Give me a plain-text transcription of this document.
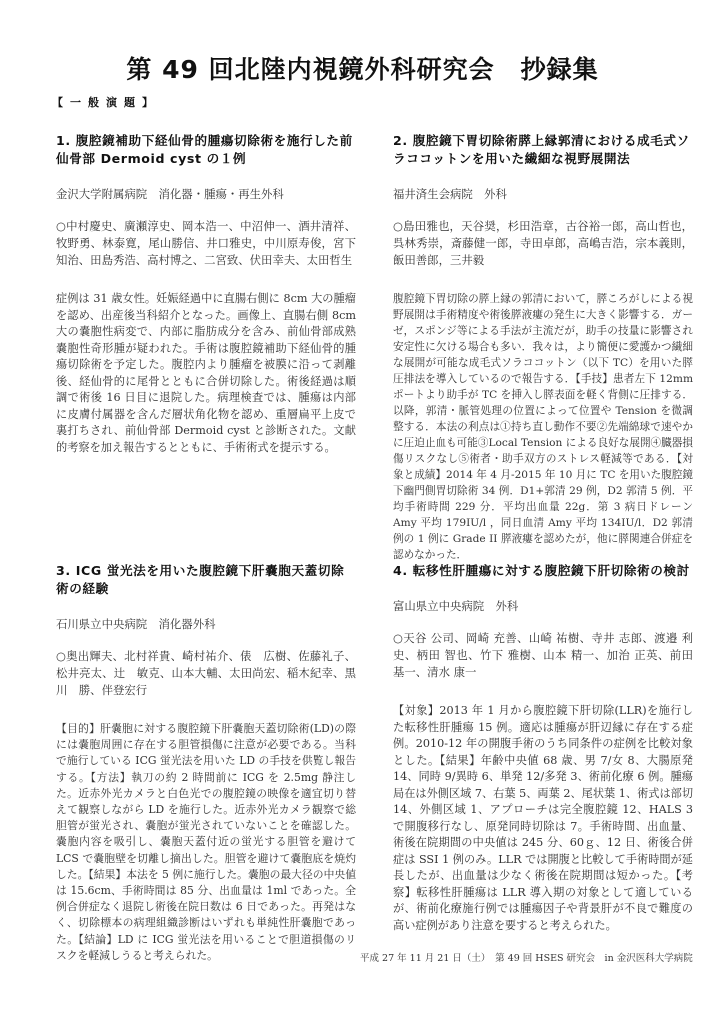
第 49 回北陸内視鏡外科研究会　抄録集
【一般演題】
1. 腹腔鏡補助下経仙骨的腫瘍切除術を施行した前仙骨部 Dermoid cyst の１例
金沢大学附属病院　消化器・腫瘍・再生外科
○中村慶史、廣瀬淳史、岡本浩一、中沼伸一、酒井清祥、牧野勇、林泰寛，尾山勝信、井口雅史，中川原寿俊，宮下知治、田島秀浩、高村博之、二宮致、伏田幸夫、太田哲生
症例は 31 歳女性。妊娠経過中に直腸右側に 8cm 大の腫瘤を認め、出産後当科紹介となった。画像上、直腸右側 8cm 大の嚢胞性病変で、内部に脂肪成分を含み、前仙骨部成熟嚢胞性奇形腫が疑われた。手術は腹腔鏡補助下経仙骨的腫瘍切除術を予定した。腹腔内より腫瘤を被膜に沿って剥離後、経仙骨的に尾骨とともに合併切除した。術後経過は順調で術後 16 日目に退院した。病理検査では、腫瘍は内部に皮膚付属器を含んだ層状角化物を認め、重層扁平上皮で裏打ちされ、前仙骨部 Dermoid cyst と診断された。文献的考察を加え報告するとともに、手術術式を提示する。
2. 腹腔鏡下胃切除術膵上縁郭清における成毛式ソラココットンを用いた繊細な視野展開法
福井済生会病院　外科
○島田雅也，天谷奨，杉田浩章，古谷裕一郎，高山哲也，呉林秀崇，斎藤健一郎，寺田卓郎，高嶋吉浩，宗本義則，飯田善郎，三井毅
腹腔鏡下胃切除の膵上縁の郭清において，膵ころがしによる視野展開は手術精度や術後膵液瘻の発生に大きく影響する．ガーゼ，スポンジ等による手法が主流だが，助手の技量に影響され安定性に欠ける場合も多い．我々は，より簡便に愛護かつ繊細な展開が可能な成毛式ソラココットン（以下 TC）を用いた膵圧排法を導入しているので報告する．【手技】患者左下 12mm ポートより助手が TC を挿入し膵表面を軽く背側に圧排する．以降，郭清・脈管処理の位置によって位置や Tension を微調整する．本法の利点は①持ち直し動作不要②先端綿球で速やかに圧迫止血も可能③Local Tension による良好な展開④臓器損傷リスクなし⑤術者・助手双方のストレス軽減等である．【対象と成績】2014 年 4 月-2015 年 10 月に TC を用いた腹腔鏡下幽門側胃切除術 34 例．D1+郭清 29 例，D2 郭清 5 例．平均手術時間 229 分．平均出血量 22g．第 3 病日ドレーン Amy 平均 179IU/l ，同日血清 Amy 平均 134IU/l．D2 郭清例の 1 例に Grade II 膵液瘻を認めたが，他に膵関連合併症を認めなかった．
3. ICG 蛍光法を用いた腹腔鏡下肝嚢胞天蓋切除術の経験
石川県立中央病院　消化器外科
○奥出輝夫、北村祥貴、崎村祐介、俵　広樹、佐藤礼子、松井亮太、辻　敏克、山本大輔、太田尚宏、稲木紀幸、黒川　勝、伴登宏行
【目的】肝嚢胞に対する腹腔鏡下肝嚢胞天蓋切除術(LD)の際には嚢胞周囲に存在する胆管損傷に注意が必要である。当科で施行している ICG 蛍光法を用いた LD の手技を供覧し報告する。【方法】執刀の約 2 時間前に ICG を 2.5mg 静注した。近赤外光カメラと白色光での腹腔鏡の映像を適宜切り替えて観察しながら LD を施行した。近赤外光カメラ観察で総胆管が蛍光され、嚢胞が蛍光されていないことを確認した。嚢胞内容を吸引し、嚢胞天蓋付近の蛍光する胆管を避けて LCS で嚢胞壁を切離し摘出した。胆管を避けて嚢胞底を焼灼した。【結果】本法を 5 例に施行した。嚢胞の最大径の中央値は 15.6cm、手術時間は 85 分、出血量は 1ml であった。全例合併症なく退院し術後在院日数は 6 日であった。再発はなく、切除標本の病理組織診断はいずれも単純性肝嚢胞であった。【結論】LD に ICG 蛍光法を用いることで胆道損傷のリスクを軽減しうると考えられた。
4. 転移性肝腫瘍に対する腹腔鏡下肝切除術の検討
富山県立中央病院　外科
○天谷 公司、岡崎 充善、山崎 祐樹、寺井 志郎、渡邉 利史、柄田 智也、竹下 雅樹、山本 精一、加治 正英、前田 基一、清水 康一
【対象】2013 年 1 月から腹腔鏡下肝切除(LLR)を施行した転移性肝腫瘍 15 例。適応は腫瘍が肝辺縁に存在する症例。2010-12 年の開腹手術のうち同条件の症例を比較対象とした。【結果】年齢中央値 68 歳、男 7/女 8、大腸原発 14、同時 9/異時 6、単発 12/多発 3、術前化療 6 例。腫瘍局在は外側区域 7、右葉 5、両葉 2、尾状葉 1、術式は部切 14、外側区域 1、アプローチは完全腹腔鏡 12、HALS 3 で開腹移行なし、原発同時切除は 7。手術時間、出血量、術後在院期間の中央値は 245 分、60ｇ、12 日、術後合併症は SSI 1 例のみ。LLR では開腹と比較して手術時間が延長したが、出血量は少なく術後在院期間は短かった。【考察】転移性肝腫瘍は LLR 導入期の対象として適しているが、術前化療施行例では腫瘍因子や背景肝が不良で難度の高い症例があり注意を要すると考えられた。
平成 27 年 11 月 21 日（土）　第 49 回 HSES 研究会　in 金沢医科大学病院
